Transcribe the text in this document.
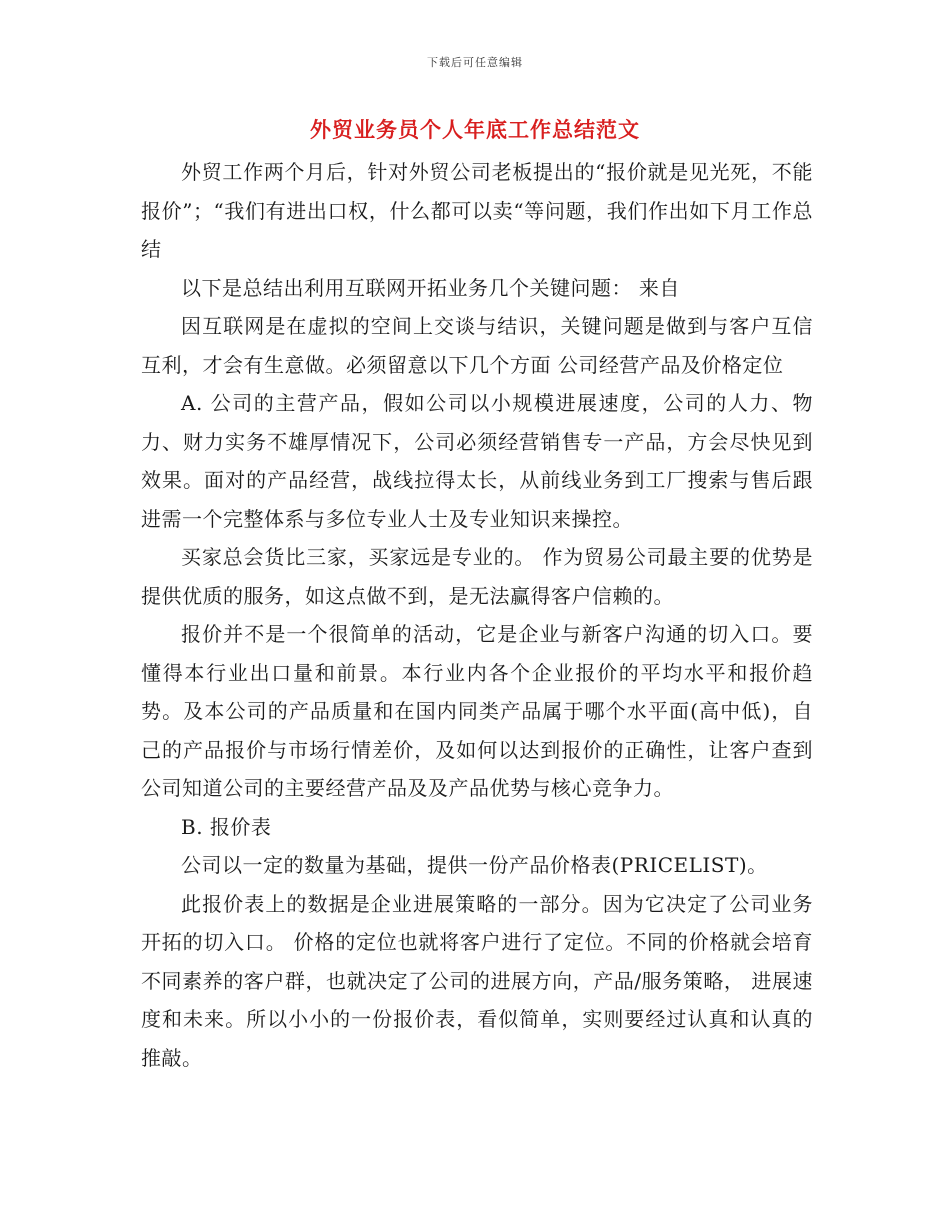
下载后可任意编辑
外贸业务员个人年底工作总结范文

外贸工作两个月后，针对外贸公司老板提出的“报价就是见光死，不能报价”；“我们有进出口权，什么都可以卖“等问题，我们作出如下月工作总结

以下是总结出利用互联网开拓业务几个关键问题： 来自

因互联网是在虚拟的空间上交谈与结识，关键问题是做到与客户互信互利，才会有生意做。必须留意以下几个方面 公司经营产品及价格定位

A. 公司的主营产品，假如公司以小规模进展速度，公司的人力、物力、财力实务不雄厚情况下，公司必须经营销售专一产品，方会尽快见到效果。面对的产品经营，战线拉得太长，从前线业务到工厂搜索与售后跟进需一个完整体系与多位专业人士及专业知识来操控。

买家总会货比三家，买家远是专业的。 作为贸易公司最主要的优势是提供优质的服务，如这点做不到，是无法赢得客户信赖的。

报价并不是一个很简单的活动，它是企业与新客户沟通的切入口。要懂得本行业出口量和前景。本行业内各个企业报价的平均水平和报价趋势。及本公司的产品质量和在国内同类产品属于哪个水平面(高中低)，自己的产品报价与市场行情差价，及如何以达到报价的正确性，让客户查到公司知道公司的主要经营产品及及产品优势与核心竞争力。

B. 报价表

公司以一定的数量为基础，提供一份产品价格表(PRICELIST)。

此报价表上的数据是企业进展策略的一部分。因为它决定了公司业务开拓的切入口。 价格的定位也就将客户进行了定位。不同的价格就会培育不同素养的客户群，也就决定了公司的进展方向，产品/服务策略， 进展速度和未来。所以小小的一份报价表，看似简单，实则要经过认真和认真的推敲。
